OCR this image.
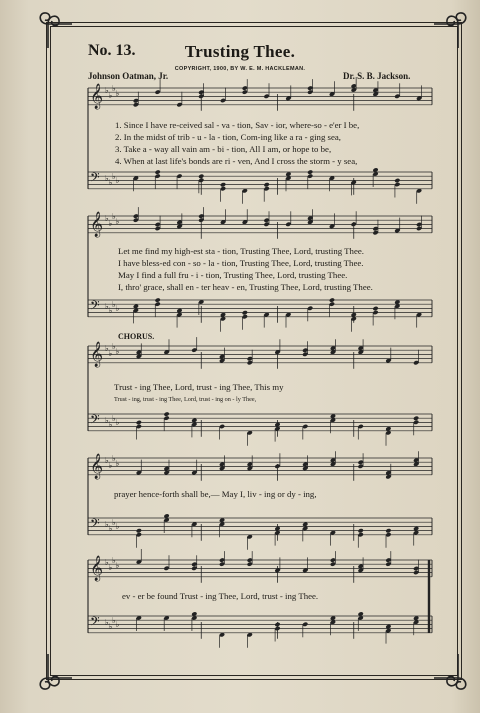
No. 13.	Trusting Thee.
COPYRIGHT, 1900, BY W. E. M. HACKLEMAN.
Johnson Oatman, Jr.	Dr. S. B. Jackson.
𝄞 ♭
♭
♭
♭
𝄢 ♭ ♭
♭ ♭
𝄞 ♭
♭
♭
♭
𝄢 ♭ ♭
♭ ♭
𝄞 ♭
♭
♭
♭
𝄢 ♭ ♭
♭ ♭
𝄞 ♭
♭
♭
♭
𝄢 ♭ ♭
♭ ♭
𝄞 ♭
♭
♭
♭
𝄢 ♭ ♭
♭ ♭
1. Since I have re-ceived sal - va - tion, Sav - ior, where-so - e'er I be,
2. In the midst of trib - u - la - tion, Com-ing like a ra - ging sea,
3. Take a - way all vain am - bi - tion, All I am, or hope to be,
4. When at last life's bonds are ri - ven, And I cross the storm - y sea,
Let me find my high-est sta - tion, Trusting Thee, Lord, trusting Thee.
I have bless-ed con - so - la - tion, Trusting Thee, Lord, trusting Thee.
May I find a full fru - i - tion, Trusting Thee, Lord, trusting Thee.
I, thro' grace, shall en - ter heav - en, Trusting Thee, Lord, trusting Thee.
CHORUS.
Trust - ing Thee, Lord, trust - ing Thee, This my
Trust - ing, trust - ing Thee, Lord, trust - ing on - ly Thee,
prayer hence-forth shall be,— May I, liv - ing or dy - ing,
ev - er be found Trust - ing Thee, Lord, trust - ing Thee.
